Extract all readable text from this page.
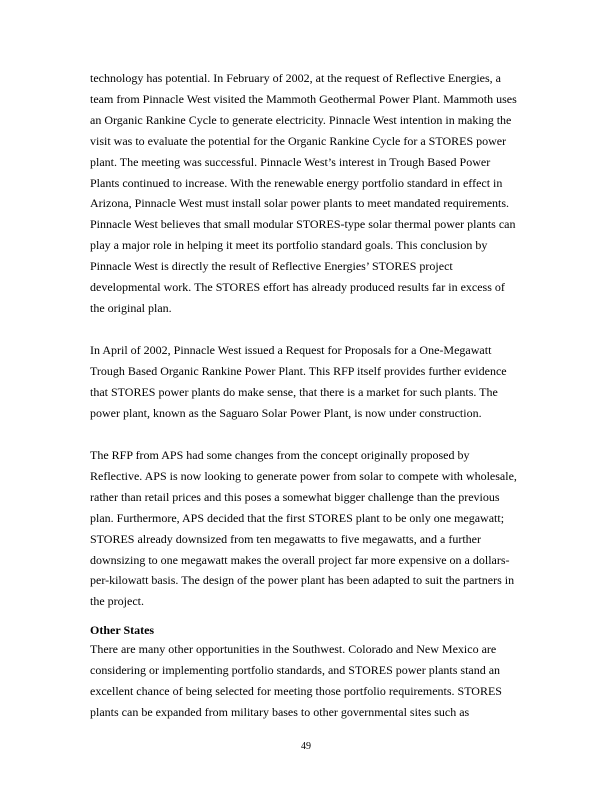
technology has potential. In February of 2002, at the request of Reflective Energies, a
team from Pinnacle West visited the Mammoth Geothermal Power Plant. Mammoth uses
an Organic Rankine Cycle to generate electricity. Pinnacle West intention in making the
visit was to evaluate the potential for the Organic Rankine Cycle for a STORES power
plant. The meeting was successful. Pinnacle West’s interest in Trough Based Power
Plants continued to increase. With the renewable energy portfolio standard in effect in
Arizona, Pinnacle West must install solar power plants to meet mandated requirements.
Pinnacle West believes that small modular STORES-type solar thermal power plants can
play a major role in helping it meet its portfolio standard goals. This conclusion by
Pinnacle West is directly the result of Reflective Energies’ STORES project
developmental work. The STORES effort has already produced results far in excess of
the original plan.
In April of 2002, Pinnacle West issued a Request for Proposals for a One-Megawatt
Trough Based Organic Rankine Power Plant. This RFP itself provides further evidence
that STORES power plants do make sense, that there is a market for such plants. The
power plant, known as the Saguaro Solar Power Plant, is now under construction.
The RFP from APS had some changes from the concept originally proposed by
Reflective. APS is now looking to generate power from solar to compete with wholesale,
rather than retail prices and this poses a somewhat bigger challenge than the previous
plan. Furthermore, APS decided that the first STORES plant to be only one megawatt;
STORES already downsized from ten megawatts to five megawatts, and a further
downsizing to one megawatt makes the overall project far more expensive on a dollars-
per-kilowatt basis. The design of the power plant has been adapted to suit the partners in
the project.
Other States
There are many other opportunities in the Southwest. Colorado and New Mexico are
considering or implementing portfolio standards, and STORES power plants stand an
excellent chance of being selected for meeting those portfolio requirements. STORES
plants can be expanded from military bases to other governmental sites such as
49
